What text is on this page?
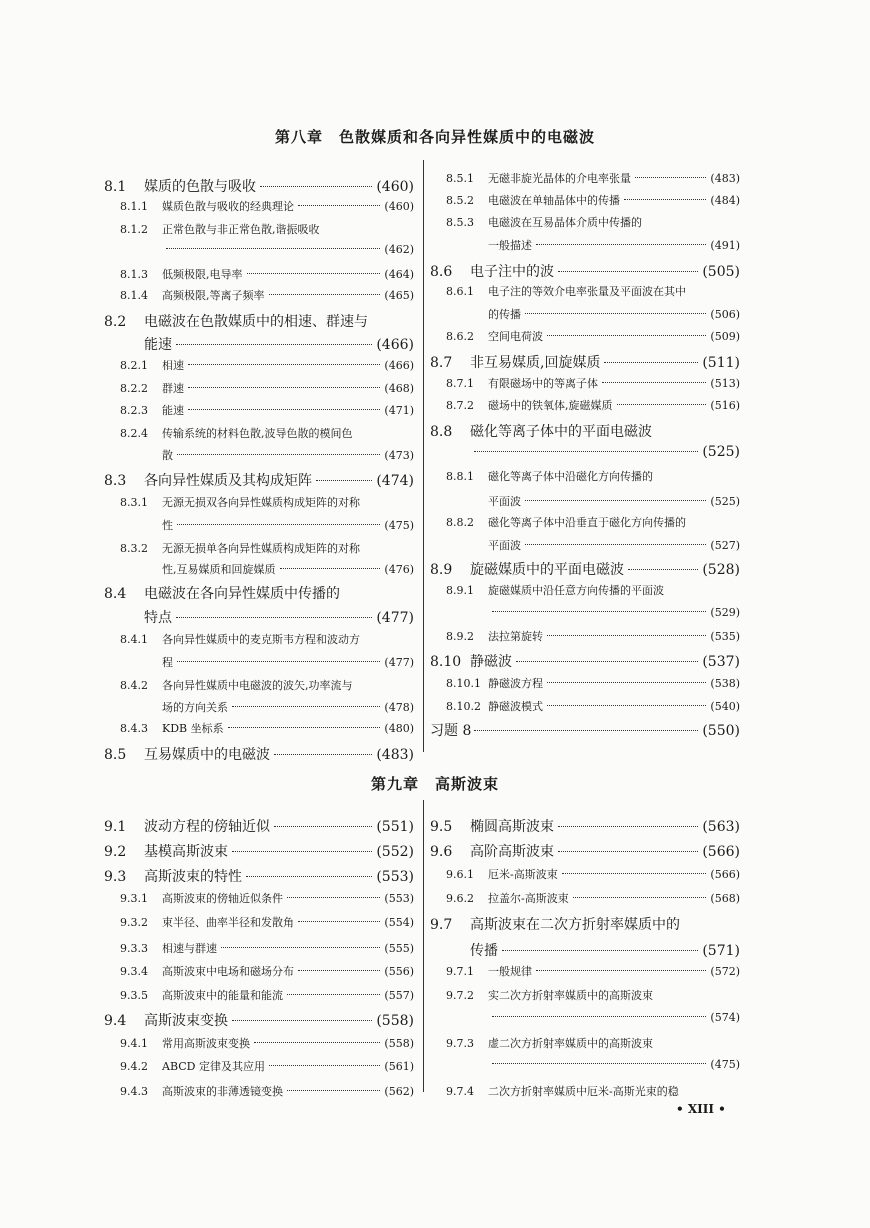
第八章　色散媒质和各向异性媒质中的电磁波
8.1	媒质的色散与吸收	(460)
8.1.1	媒质色散与吸收的经典理论	(460)
8.1.2	正常色散与非正常色散,谐振吸收
(462)
8.1.3	低频极限,电导率	(464)
8.1.4	高频极限,等离子频率	(465)
8.2	电磁波在色散媒质中的相速、群速与
能速	(466)
8.2.1	相速	(466)
8.2.2	群速	(468)
8.2.3	能速	(471)
8.2.4	传输系统的材料色散,波导色散的模间色
散	(473)
8.3	各向异性媒质及其构成矩阵	(474)
8.3.1	无源无损双各向异性媒质构成矩阵的对称
性	(475)
8.3.2	无源无损单各向异性媒质构成矩阵的对称
性,互易媒质和回旋媒质	(476)
8.4	电磁波在各向异性媒质中传播的
特点	(477)
8.4.1	各向异性媒质中的麦克斯韦方程和波动方
程	(477)
8.4.2	各向异性媒质中电磁波的波矢,功率流与
场的方向关系	(478)
8.4.3	KDB 坐标系	(480)
8.5	互易媒质中的电磁波	(483)
8.5.1	无磁非旋光晶体的介电率张量	(483)
8.5.2	电磁波在单轴晶体中的传播	(484)
8.5.3	电磁波在互易晶体介质中传播的
一般描述	(491)
8.6	电子注中的波	(505)
8.6.1	电子注的等效介电率张量及平面波在其中
的传播	(506)
8.6.2	空间电荷波	(509)
8.7	非互易媒质,回旋媒质	(511)
8.7.1	有限磁场中的等离子体	(513)
8.7.2	磁场中的铁氧体,旋磁媒质	(516)
8.8	磁化等离子体中的平面电磁波
(525)
8.8.1	磁化等离子体中沿磁化方向传播的
平面波	(525)
8.8.2	磁化等离子体中沿垂直于磁化方向传播的
平面波	(527)
8.9	旋磁媒质中的平面电磁波	(528)
8.9.1	旋磁媒质中沿任意方向传播的平面波
(529)
8.9.2	法拉第旋转	(535)
8.10 静磁波	(537)
8.10.1 静磁波方程	(538)
8.10.2 静磁波模式	(540)
习题 8	(550)
第九章　高斯波束
9.1	波动方程的傍轴近似	(551)
9.2	基模高斯波束	(552)
9.3	高斯波束的特性	(553)
9.3.1	高斯波束的傍轴近似条件	(553)
9.3.2	束半径、曲率半径和发散角	(554)
9.3.3	相速与群速	(555)
9.3.4	高斯波束中电场和磁场分布	(556)
9.3.5	高斯波束中的能量和能流	(557)
9.4	高斯波束变换	(558)
9.4.1	常用高斯波束变换	(558)
9.4.2	ABCD 定律及其应用	(561)
9.4.3	高斯波束的非薄透镜变换	(562)
9.5	椭圆高斯波束	(563)
9.6	高阶高斯波束	(566)
9.6.1	厄米-高斯波束	(566)
9.6.2	拉盖尔-高斯波束	(568)
9.7	高斯波束在二次方折射率媒质中的
传播	(571)
9.7.1	一般规律	(572)
9.7.2	实二次方折射率媒质中的高斯波束
(574)
9.7.3	虚二次方折射率媒质中的高斯波束
(475)
9.7.4	二次方折射率媒质中厄米-高斯光束的稳
• XIII •
